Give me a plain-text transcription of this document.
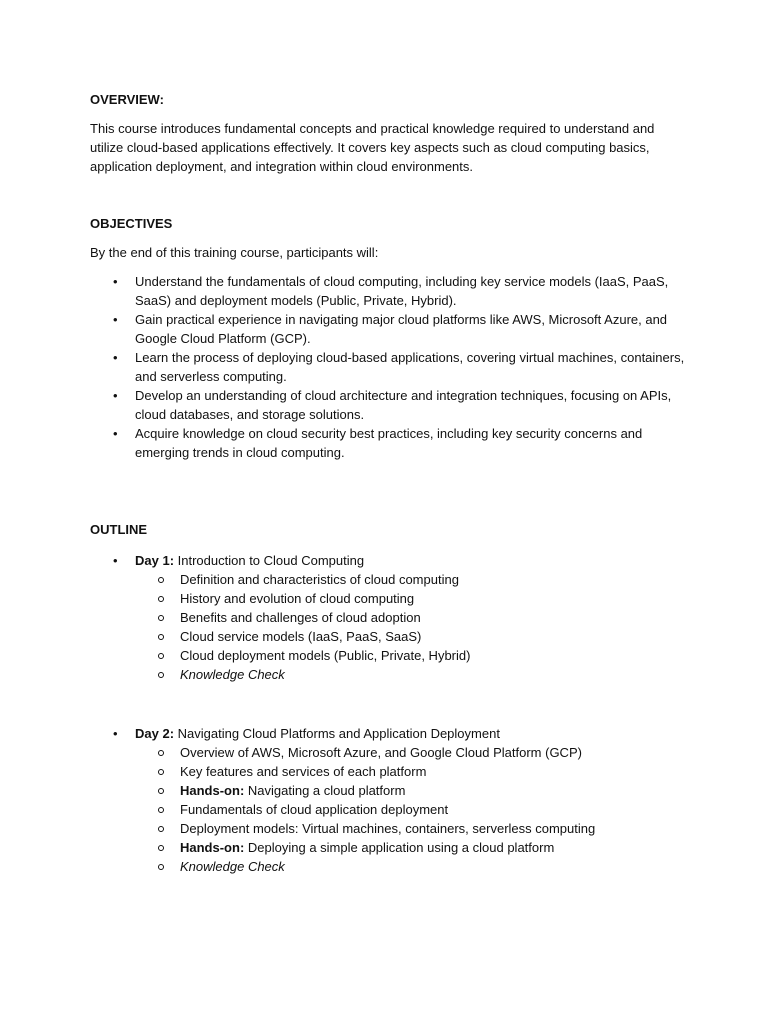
OVERVIEW:

This course introduces fundamental concepts and practical knowledge required to understand and utilize cloud-based applications effectively. It covers key aspects such as cloud computing basics, application deployment, and integration within cloud environments.

OBJECTIVES

By the end of this training course, participants will:

•	Understand the fundamentals of cloud computing, including key service models (IaaS, PaaS, SaaS) and deployment models (Public, Private, Hybrid).
•	Gain practical experience in navigating major cloud platforms like AWS, Microsoft Azure, and Google Cloud Platform (GCP).
•	Learn the process of deploying cloud-based applications, covering virtual machines, containers, and serverless computing.
•	Develop an understanding of cloud architecture and integration techniques, focusing on APIs, cloud databases, and storage solutions.
•	Acquire knowledge on cloud security best practices, including key security concerns and emerging trends in cloud computing.

OUTLINE

•	Day 1: Introduction to Cloud Computing
Definition and characteristics of cloud computing
History and evolution of cloud computing
Benefits and challenges of cloud adoption
Cloud service models (IaaS, PaaS, SaaS)
Cloud deployment models (Public, Private, Hybrid)
Knowledge Check
•	Day 2: Navigating Cloud Platforms and Application Deployment
Overview of AWS, Microsoft Azure, and Google Cloud Platform (GCP)
Key features and services of each platform
Hands-on: Navigating a cloud platform
Fundamentals of cloud application deployment
Deployment models: Virtual machines, containers, serverless computing
Hands-on: Deploying a simple application using a cloud platform
Knowledge Check
